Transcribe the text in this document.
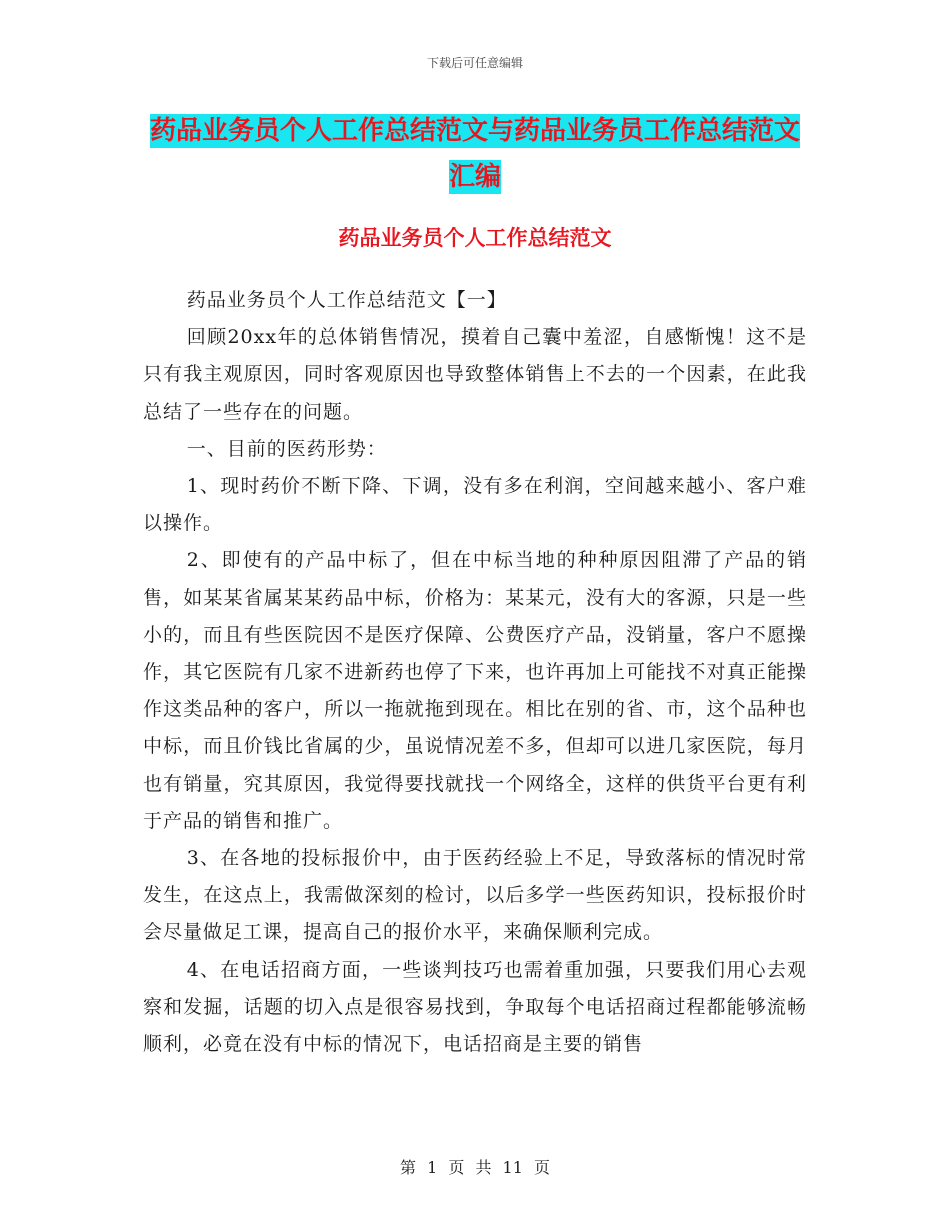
下载后可任意编辑
药品业务员个人工作总结范文与药品业务员工作总结范文汇编
药品业务员个人工作总结范文

药品业务员个人工作总结范文【一】

回顾20xx年的总体销售情况，摸着自己囊中羞涩，自感惭愧！这不是只有我主观原因，同时客观原因也导致整体销售上不去的一个因素，在此我总结了一些存在的问题。

一、目前的医药形势：

1、现时药价不断下降、下调，没有多在利润，空间越来越小、客户难以操作。

2、即使有的产品中标了，但在中标当地的种种原因阻滞了产品的销售，如某某省属某某药品中标，价格为：某某元，没有大的客源，只是一些小的，而且有些医院因不是医疗保障、公费医疗产品，没销量，客户不愿操作，其它医院有几家不进新药也停了下来，也许再加上可能找不对真正能操作这类品种的客户，所以一拖就拖到现在。相比在别的省、市，这个品种也中标，而且价钱比省属的少，虽说情况差不多，但却可以进几家医院，每月也有销量，究其原因，我觉得要找就找一个网络全，这样的供货平台更有利于产品的销售和推广。

3、在各地的投标报价中，由于医药经验上不足，导致落标的情况时常发生，在这点上，我需做深刻的检讨，以后多学一些医药知识，投标报价时会尽量做足工课，提高自己的报价水平，来确保顺利完成。

4、在电话招商方面，一些谈判技巧也需着重加强，只要我们用心去观察和发掘，话题的切入点是很容易找到，争取每个电话招商过程都能够流畅顺利，必竟在没有中标的情况下，电话招商是主要的销售

第 1 页 共 11 页
